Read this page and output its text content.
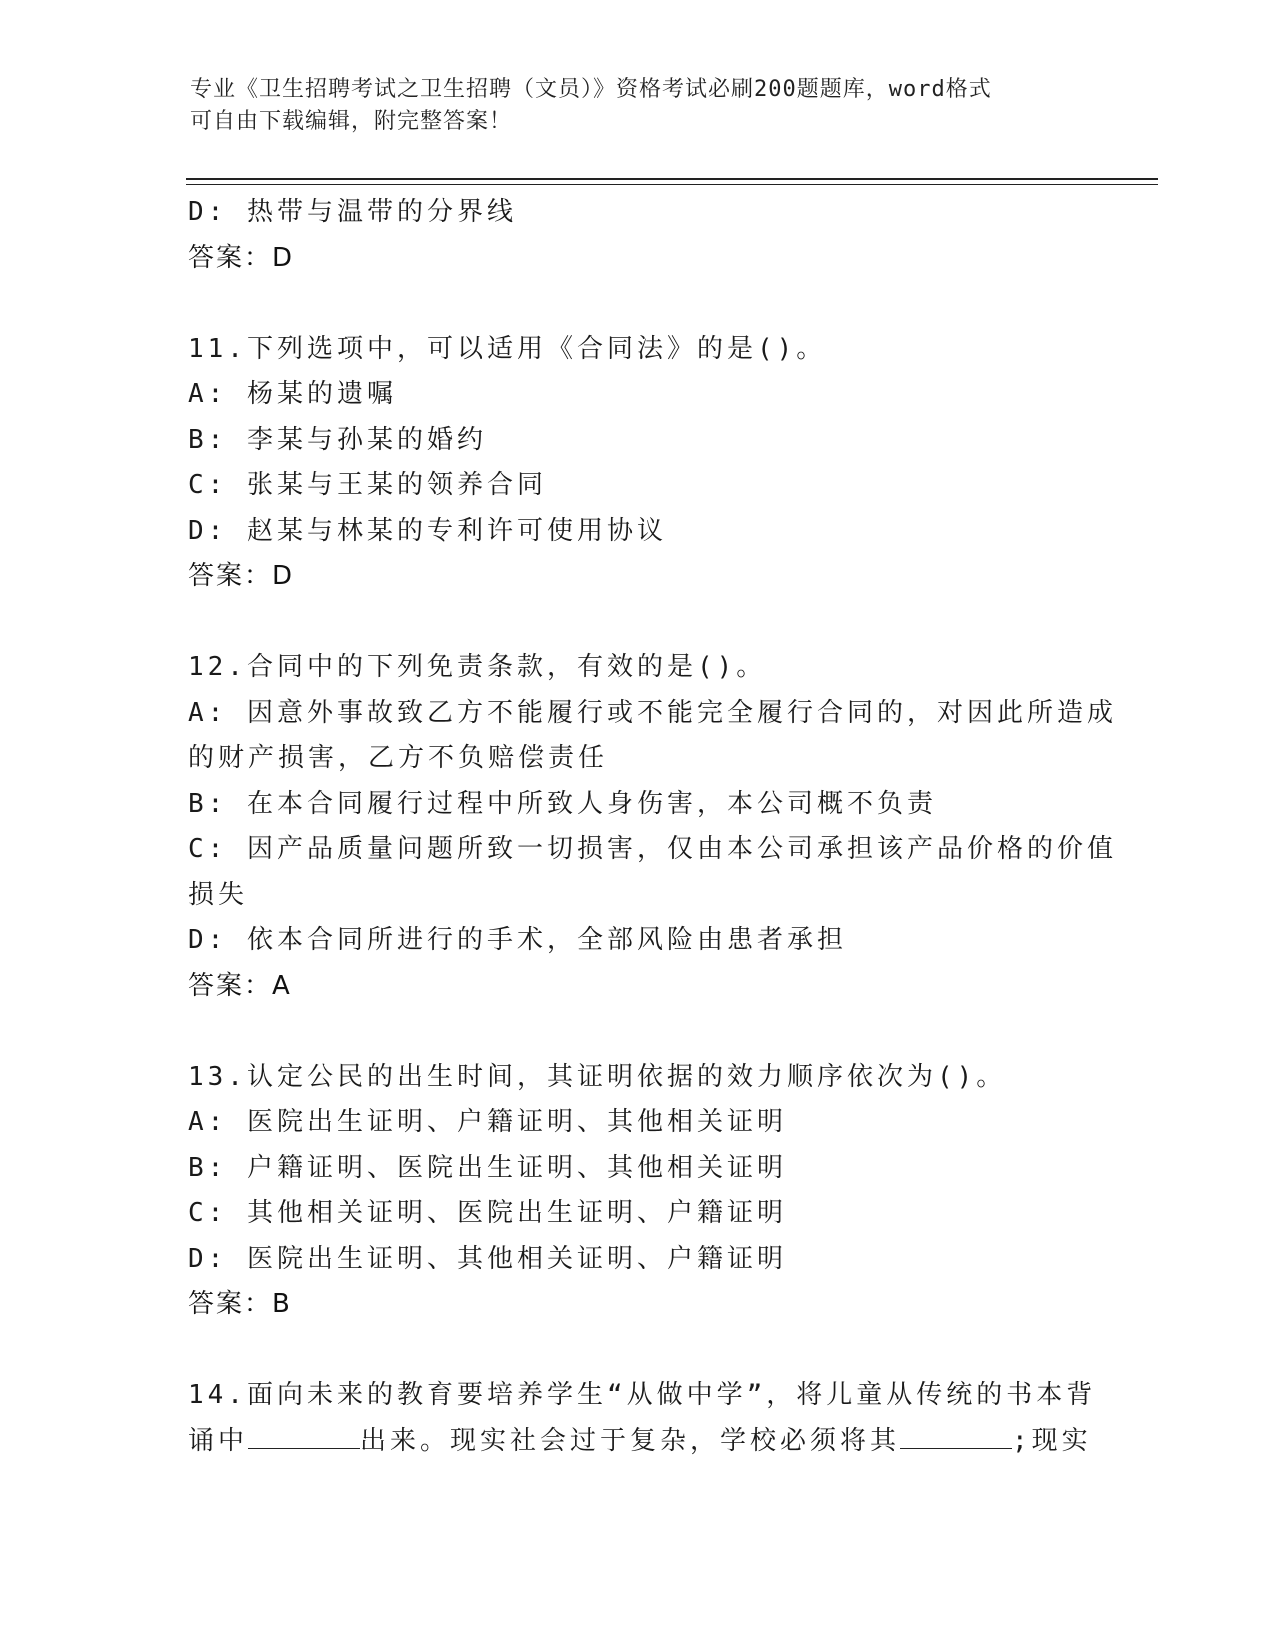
专业《卫生招聘考试之卫生招聘（文员）》资格考试必刷200题题库，word格式
可自由下载编辑，附完整答案！
D: 热带与温带的分界线
答案：D
11.下列选项中，可以适用《合同法》的是()。
A: 杨某的遗嘱
B: 李某与孙某的婚约
C: 张某与王某的领养合同
D: 赵某与林某的专利许可使用协议
答案：D
12.合同中的下列免责条款，有效的是()。
A: 因意外事故致乙方不能履行或不能完全履行合同的，对因此所造成
的财产损害，乙方不负赔偿责任
B: 在本合同履行过程中所致人身伤害，本公司概不负责
C: 因产品质量问题所致一切损害，仅由本公司承担该产品价格的价值
损失
D: 依本合同所进行的手术，全部风险由患者承担
答案：A
13.认定公民的出生时间，其证明依据的效力顺序依次为()。
A: 医院出生证明、户籍证明、其他相关证明
B: 户籍证明、医院出生证明、其他相关证明
C: 其他相关证明、医院出生证明、户籍证明
D: 医院出生证明、其他相关证明、户籍证明
答案：B
14.面向未来的教育要培养学生“从做中学”，将儿童从传统的书本背
诵中	出来。现实社会过于复杂，学校必须将其	;现实
